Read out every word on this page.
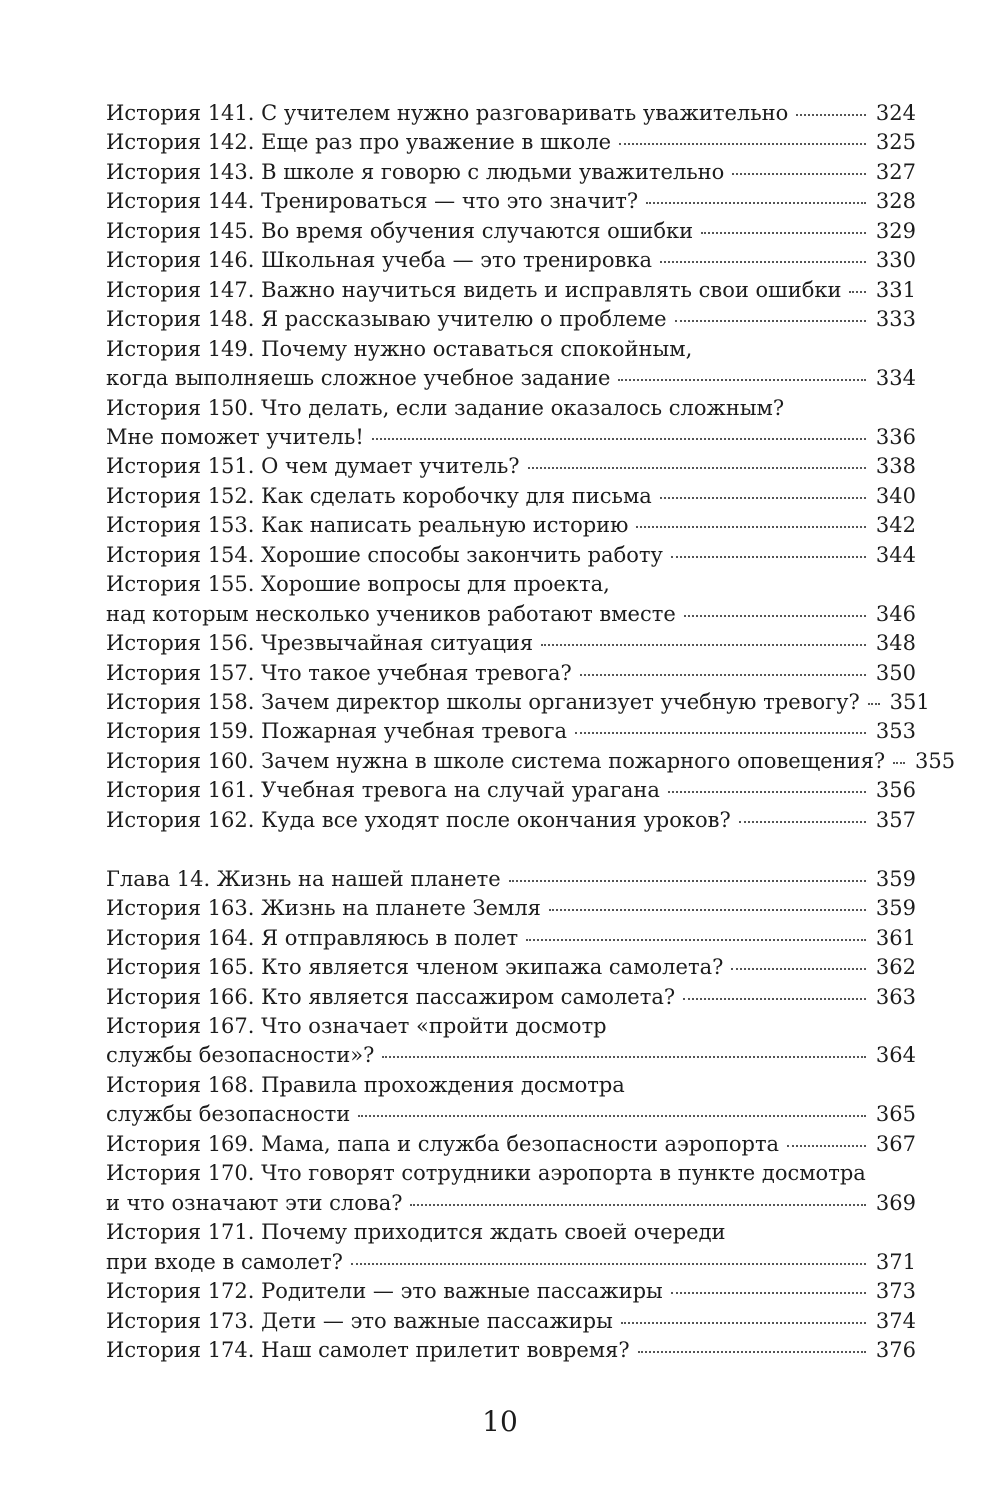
История 141. С учителем нужно разговаривать уважительно	324
История 142. Еще раз про уважение в школе	325
История 143. В школе я говорю с людьми уважительно	327
История 144. Тренироваться — что это значит?	328
История 145. Во время обучения случаются ошибки	329
История 146. Школьная учеба — это тренировка	330
История 147. Важно научиться видеть и исправлять свои ошибки 331
История 148. Я рассказываю учителю о проблеме	333
История 149. Почему нужно оставаться спокойным,
когда выполняешь сложное учебное задание	334
История 150. Что делать, если задание оказалось сложным?
Мне поможет учитель!	336
История 151. О чем думает учитель?	338
История 152. Как сделать коробочку для письма	340
История 153. Как написать реальную историю	342
История 154. Хорошие способы закончить работу	344
История 155. Хорошие вопросы для проекта,
над которым несколько учеников работают вместе	346
История 156. Чрезвычайная ситуация	348
История 157. Что такое учебная тревога?	350
История 158. Зачем директор школы организует учебную тревогу? 351
История 159. Пожарная учебная тревога	353
История 160. Зачем нужна в школе система пожарного оповещения? 355
История 161. Учебная тревога на случай урагана	356
История 162. Куда все уходят после окончания уроков?	357
Глава 14. Жизнь на нашей планете	359
История 163. Жизнь на планете Земля	359
История 164. Я отправляюсь в полет	361
История 165. Кто является членом экипажа самолета?	362
История 166. Кто является пассажиром самолета?	363
История 167. Что означает «пройти досмотр
службы безопасности»?	364
История 168. Правила прохождения досмотра
службы безопасности	365
История 169. Мама, папа и служба безопасности аэропорта	367
История 170. Что говорят сотрудники аэропорта в пункте досмотра
и что означают эти слова?	369
История 171. Почему приходится ждать своей очереди
при входе в самолет?	371
История 172. Родители — это важные пассажиры	373
История 173. Дети — это важные пассажиры	374
История 174. Наш самолет прилетит вовремя?	376
10
